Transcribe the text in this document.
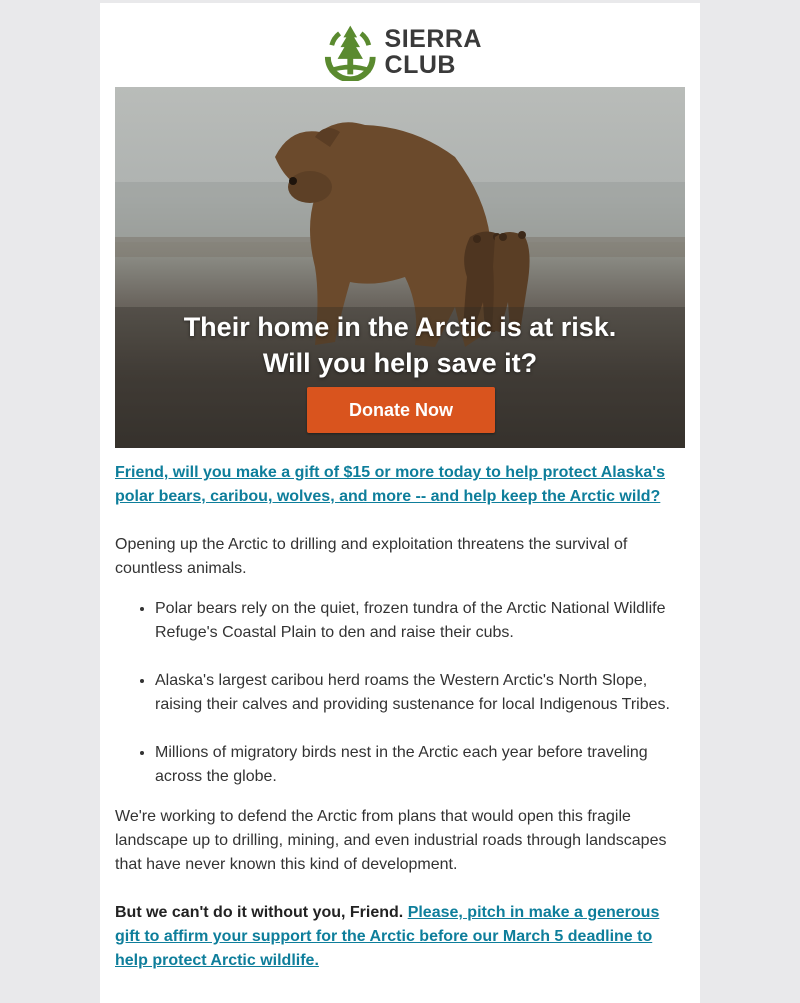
SIERRA
CLUB
Their home in the Arctic is at risk.
Will you help save it?
Donate Now
Friend, will you make a gift of $15 or more today to help protect Alaska's polar bears, caribou, wolves, and more -- and help keep the Arctic wild?

Opening up the Arctic to drilling and exploitation threatens the survival of countless animals.

• Polar bears rely on the quiet, frozen tundra of the Arctic National Wildlife Refuge's Coastal Plain to den and raise their cubs.
• Alaska's largest caribou herd roams the Western Arctic's North Slope, raising their calves and providing sustenance for local Indigenous Tribes.
• Millions of migratory birds nest in the Arctic each year before traveling across the globe.

We're working to defend the Arctic from plans that would open this fragile landscape up to drilling, mining, and even industrial roads through landscapes that have never known this kind of development.

But we can't do it without you, Friend. Please, pitch in make a generous gift to affirm your support for the Arctic before our March 5 deadline to help protect Arctic wildlife.
